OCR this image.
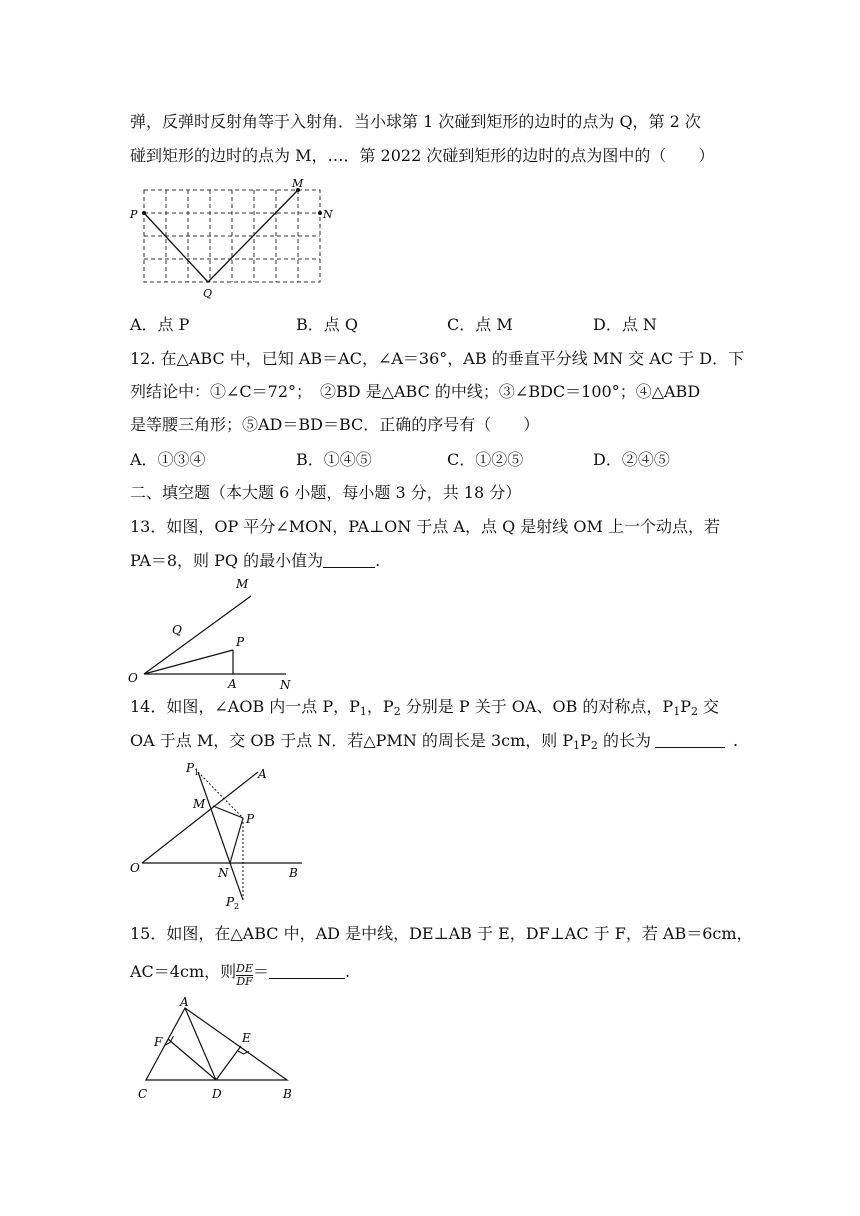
弹，反弹时反射角等于入射角．当小球第 1 次碰到矩形的边时的点为 Q，第 2 次
碰到矩形的边时的点为 M，…．第 2022 次碰到矩形的边时的点为图中的（　　）
P
M
N
Q
A．点 P	B．点 Q	C．点 M	D．点 N
12. 在△ABC 中，已知 AB＝AC，∠A＝36°，AB 的垂直平分线 MN 交 AC 于 D．下
列结论中：①∠C＝72°；　②BD 是△ABC 的中线；③∠BDC＝100°；④△ABD
是等腰三角形；⑤AD＝BD＝BC．正确的序号有（　　）
A．①③④	B．①④⑤	C．①②⑤	D．②④⑤
二、填空题（本大题 6 小题，每小题 3 分，共 18 分）
13．如图，OP 平分∠MON，PA⊥ON 于点 A，点 Q 是射线 OM 上一个动点，若
PA＝8，则 PQ 的最小值为	.
M
Q
P
O	A	N
14．如图，∠AOB 内一点 P，$P_1$，$P_2$ 分别是 P 关于 OA、OB 的对称点，$P_1P_2$ 交
OA 于点 M，交 OB 于点 N．若△PMN 的周长是 3cm，则 $P_1P_2$ 的长为	.
P 1	A
M
P
O	N	B
P 2
15．如图，在△ABC 中，AD 是中线，DE⊥AB 于 E，DF⊥AC 于 F，若 AB＝6cm，
AC＝4cm，则 $\frac{DE}{DF}$ ＝	.
A
F	E
C	D	B
